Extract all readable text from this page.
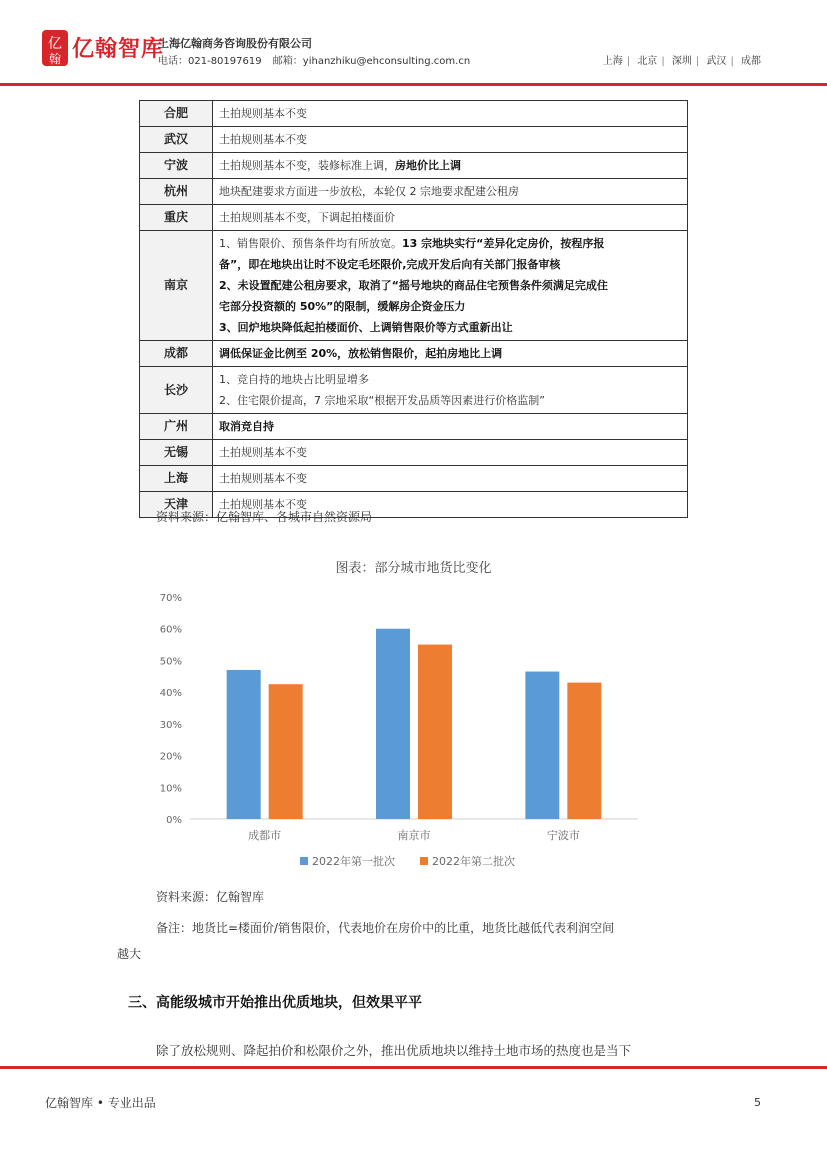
亿
翰 亿翰智库
上海亿翰商务咨询股份有限公司
电话：021-80197619 邮箱：yihanzhiku@ehconsulting.com.cn	上海 | 北京 | 深圳 | 武汉 | 成都
合肥	土拍规则基本不变
武汉	土拍规则基本不变
宁波	土拍规则基本不变，装修标准上调，房地价比上调
杭州	地块配建要求方面进一步放松，本轮仅 2 宗地要求配建公租房
重庆	土拍规则基本不变，下调起拍楼面价
南京	1、销售限价、预售条件均有所放宽。13 宗地块实行“差异化定房价，按程序报
备”，即在地块出让时不设定毛坯限价,完成开发后向有关部门报备审核
2、未设置配建公租房要求，取消了“摇号地块的商品住宅预售条件须满足完成住
宅部分投资额的 50%”的限制，缓解房企资金压力
3、回炉地块降低起拍楼面价、上调销售限价等方式重新出让

成都	调低保证金比例至 20%，放松销售限价，起拍房地比上调
长沙	1、竞自持的地块占比明显增多
2、住宅限价提高，7 宗地采取“根据开发品质等因素进行价格监制”

广州	取消竞自持
无锡	土拍规则基本不变
上海	土拍规则基本不变
天津	土拍规则基本不变
资料来源：亿翰智库、各城市自然资源局
图表：部分城市地货比变化
0%
10%
20%
30%
40%
50%
60%
70%
成都市	南京市	宁波市
2022年第一批次	2022年第二批次
资料来源：亿翰智库
备注：地货比=楼面价/销售限价，代表地价在房价中的比重，地货比越低代表利润空间
越大
三、高能级城市开始推出优质地块，但效果平平
除了放松规则、降起拍价和松限价之外，推出优质地块以维持土地市场的热度也是当下
亿翰智库 • 专业出品	5
